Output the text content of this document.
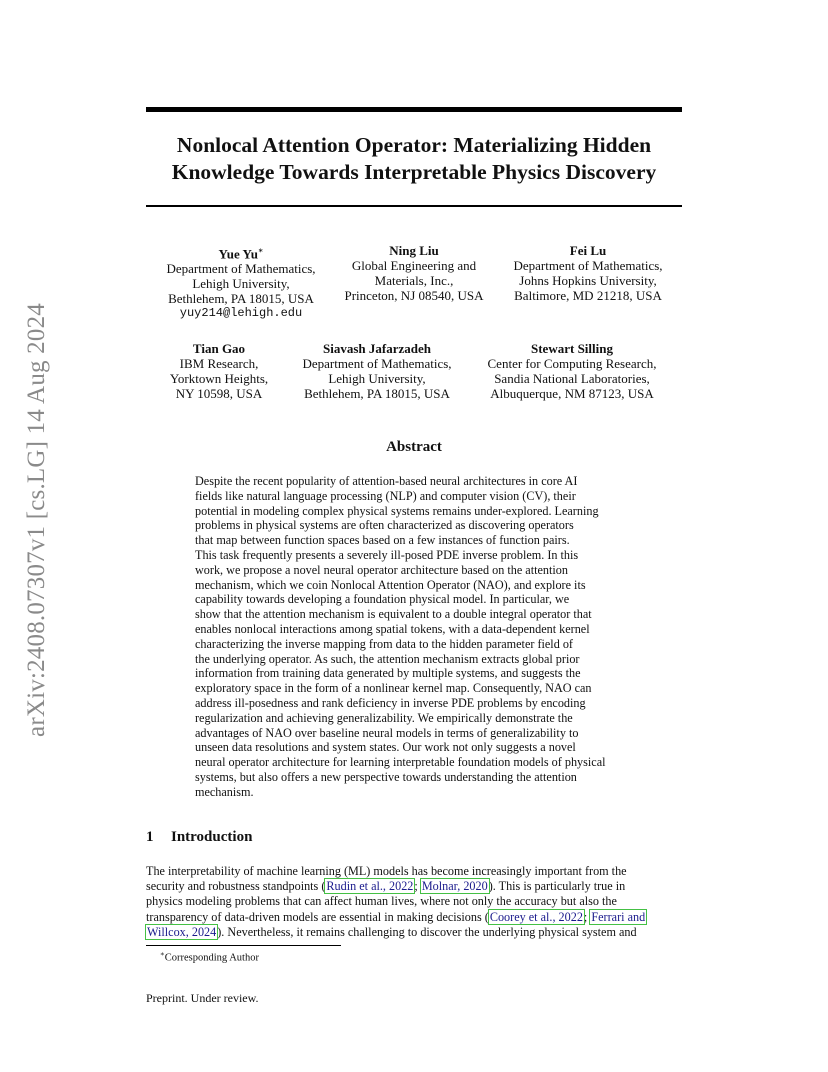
arXiv:2408.07307v1 [cs.LG] 14 Aug 2024
Nonlocal Attention Operator: Materializing Hidden
Knowledge Towards Interpretable Physics Discovery
Yue Yu∗
Department of Mathematics,
Lehigh University,
Bethlehem, PA 18015, USA
yuy214@lehigh.edu
Ning Liu
Global Engineering and
Materials, Inc.,
Princeton, NJ 08540, USA
Fei Lu
Department of Mathematics,
Johns Hopkins University,
Baltimore, MD 21218, USA
Tian Gao
IBM Research,
Yorktown Heights,
NY 10598, USA
Siavash Jafarzadeh
Department of Mathematics,
Lehigh University,
Bethlehem, PA 18015, USA
Stewart Silling
Center for Computing Research,
Sandia National Laboratories,
Albuquerque, NM 87123, USA
Abstract
Despite the recent popularity of attention-based neural architectures in core AI
fields like natural language processing (NLP) and computer vision (CV), their
potential in modeling complex physical systems remains under-explored. Learning
problems in physical systems are often characterized as discovering operators
that map between function spaces based on a few instances of function pairs.
This task frequently presents a severely ill-posed PDE inverse problem. In this
work, we propose a novel neural operator architecture based on the attention
mechanism, which we coin Nonlocal Attention Operator (NAO), and explore its
capability towards developing a foundation physical model. In particular, we
show that the attention mechanism is equivalent to a double integral operator that
enables nonlocal interactions among spatial tokens, with a data-dependent kernel
characterizing the inverse mapping from data to the hidden parameter field of
the underlying operator. As such, the attention mechanism extracts global prior
information from training data generated by multiple systems, and suggests the
exploratory space in the form of a nonlinear kernel map. Consequently, NAO can
address ill-posedness and rank deficiency in inverse PDE problems by encoding
regularization and achieving generalizability. We empirically demonstrate the
advantages of NAO over baseline neural models in terms of generalizability to
unseen data resolutions and system states. Our work not only suggests a novel
neural operator architecture for learning interpretable foundation models of physical
systems, but also offers a new perspective towards understanding the attention
mechanism.
1 Introduction
The interpretability of machine learning (ML) models has become increasingly important from the
security and robustness standpoints (Rudin et al., 2022; Molnar, 2020). This is particularly true in
physics modeling problems that can affect human lives, where not only the accuracy but also the
transparency of data-driven models are essential in making decisions (Coorey et al., 2022; Ferrari and
Willcox, 2024). Nevertheless, it remains challenging to discover the underlying physical system and
∗Corresponding Author
Preprint. Under review.
